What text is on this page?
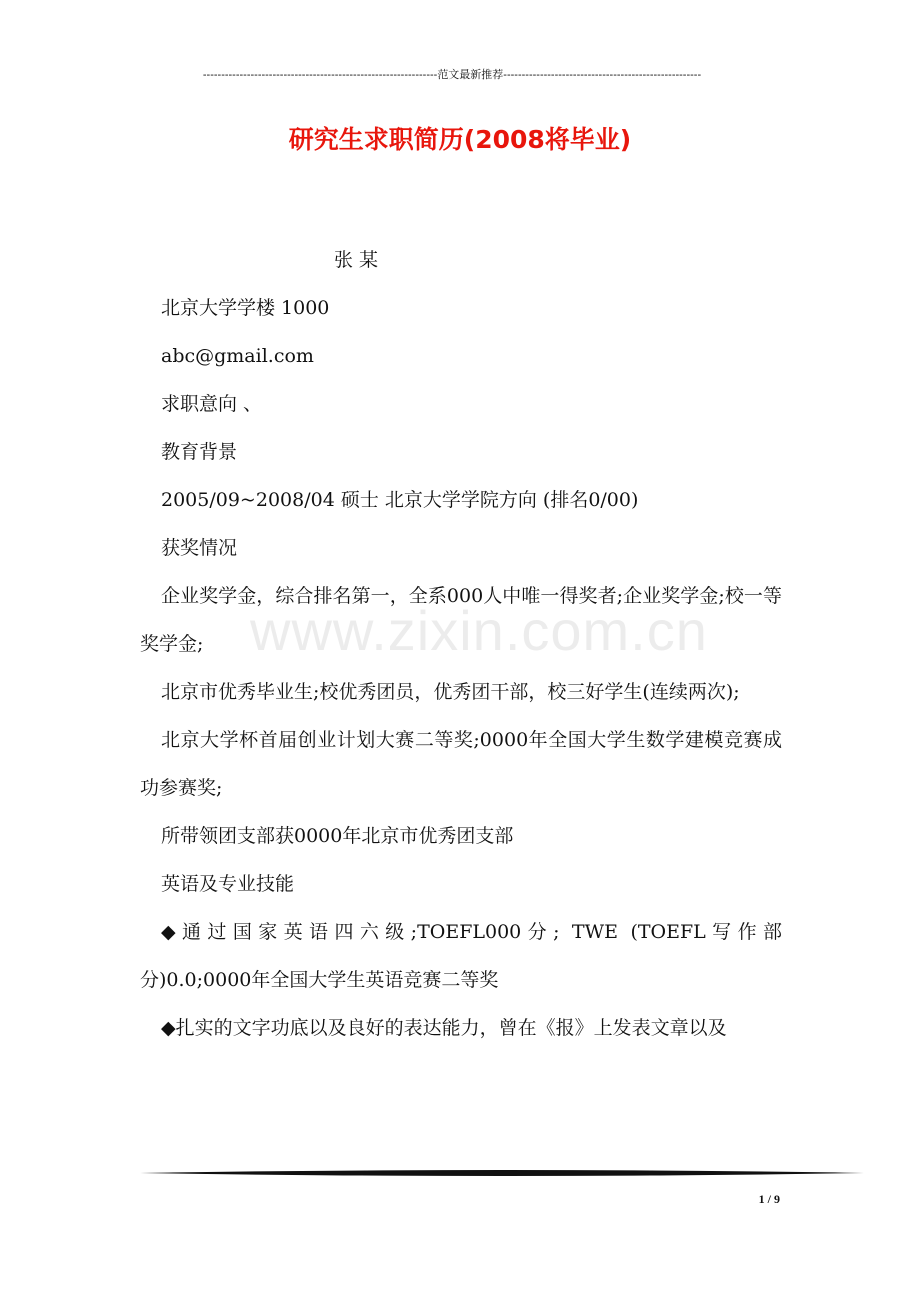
----------------------------------------------------------------范文最新推荐------------------------------------------------------
研究生求职简历(2008将毕业)

张 某

北京大学学楼 1000

abc@gmail.com

求职意向 、

教育背景

2005/09~2008/04 硕士 北京大学学院方向 (排名0/00)

获奖情况

企业奖学金，综合排名第一，全系000人中唯一得奖者;企业奖学金;校一等奖学金;

北京市优秀毕业生;校优秀团员，优秀团干部，校三好学生(连续两次);

北京大学杯首届创业计划大赛二等奖;0000年全国大学生数学建模竞赛成功参赛奖;

所带领团支部获0000年北京市优秀团支部

英语及专业技能

◆通过国家英语四六级;TOEFL000分; TWE (TOEFL写作部分)0.0;0000年全国大学生英语竞赛二等奖

◆扎实的文字功底以及良好的表达能力，曾在《报》上发表文章以及

www.zixin.com.cn
1 / 9
